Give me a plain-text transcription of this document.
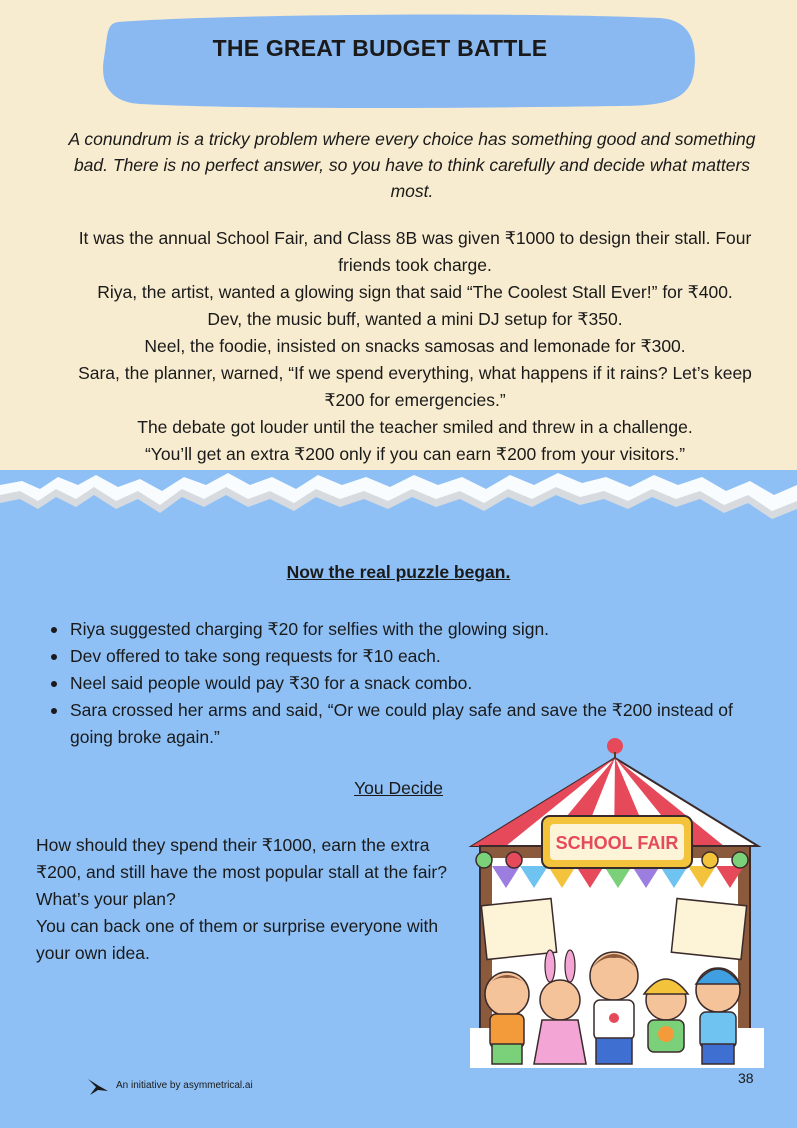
THE GREAT BUDGET BATTLE
A conundrum is a tricky problem where every choice has something good and something bad. There is no perfect answer, so you have to think carefully and decide what matters most.

It was the annual School Fair, and Class 8B was given ₹1000 to design their stall. Four friends took charge.

Riya, the artist, wanted a glowing sign that said “The Coolest Stall Ever!” for ₹400.

Dev, the music buff, wanted a mini DJ setup for ₹350.

Neel, the foodie, insisted on snacks samosas and lemonade for ₹300.

Sara, the planner, warned, “If we spend everything, what happens if it rains? Let’s keep ₹200 for emergencies.”

The debate got louder until the teacher smiled and threw in a challenge.

“You’ll get an extra ₹200 only if you can earn ₹200 from your visitors.”

Now the real puzzle began.
Riya suggested charging ₹20 for selfies with the glowing sign.
Dev offered to take song requests for ₹10 each.
Neel said people would pay ₹30 for a snack combo.
Sara crossed her arms and said, “Or we could play safe and save the ₹200 instead of going broke again.”
You Decide

How should they spend their ₹1000, earn the extra ₹200, and still have the most popular stall at the fair?

What’s your plan?

You can back one of them or surprise everyone with your own idea.

SCHOOL FAIR
An initiative by asymmetrical.ai	38
